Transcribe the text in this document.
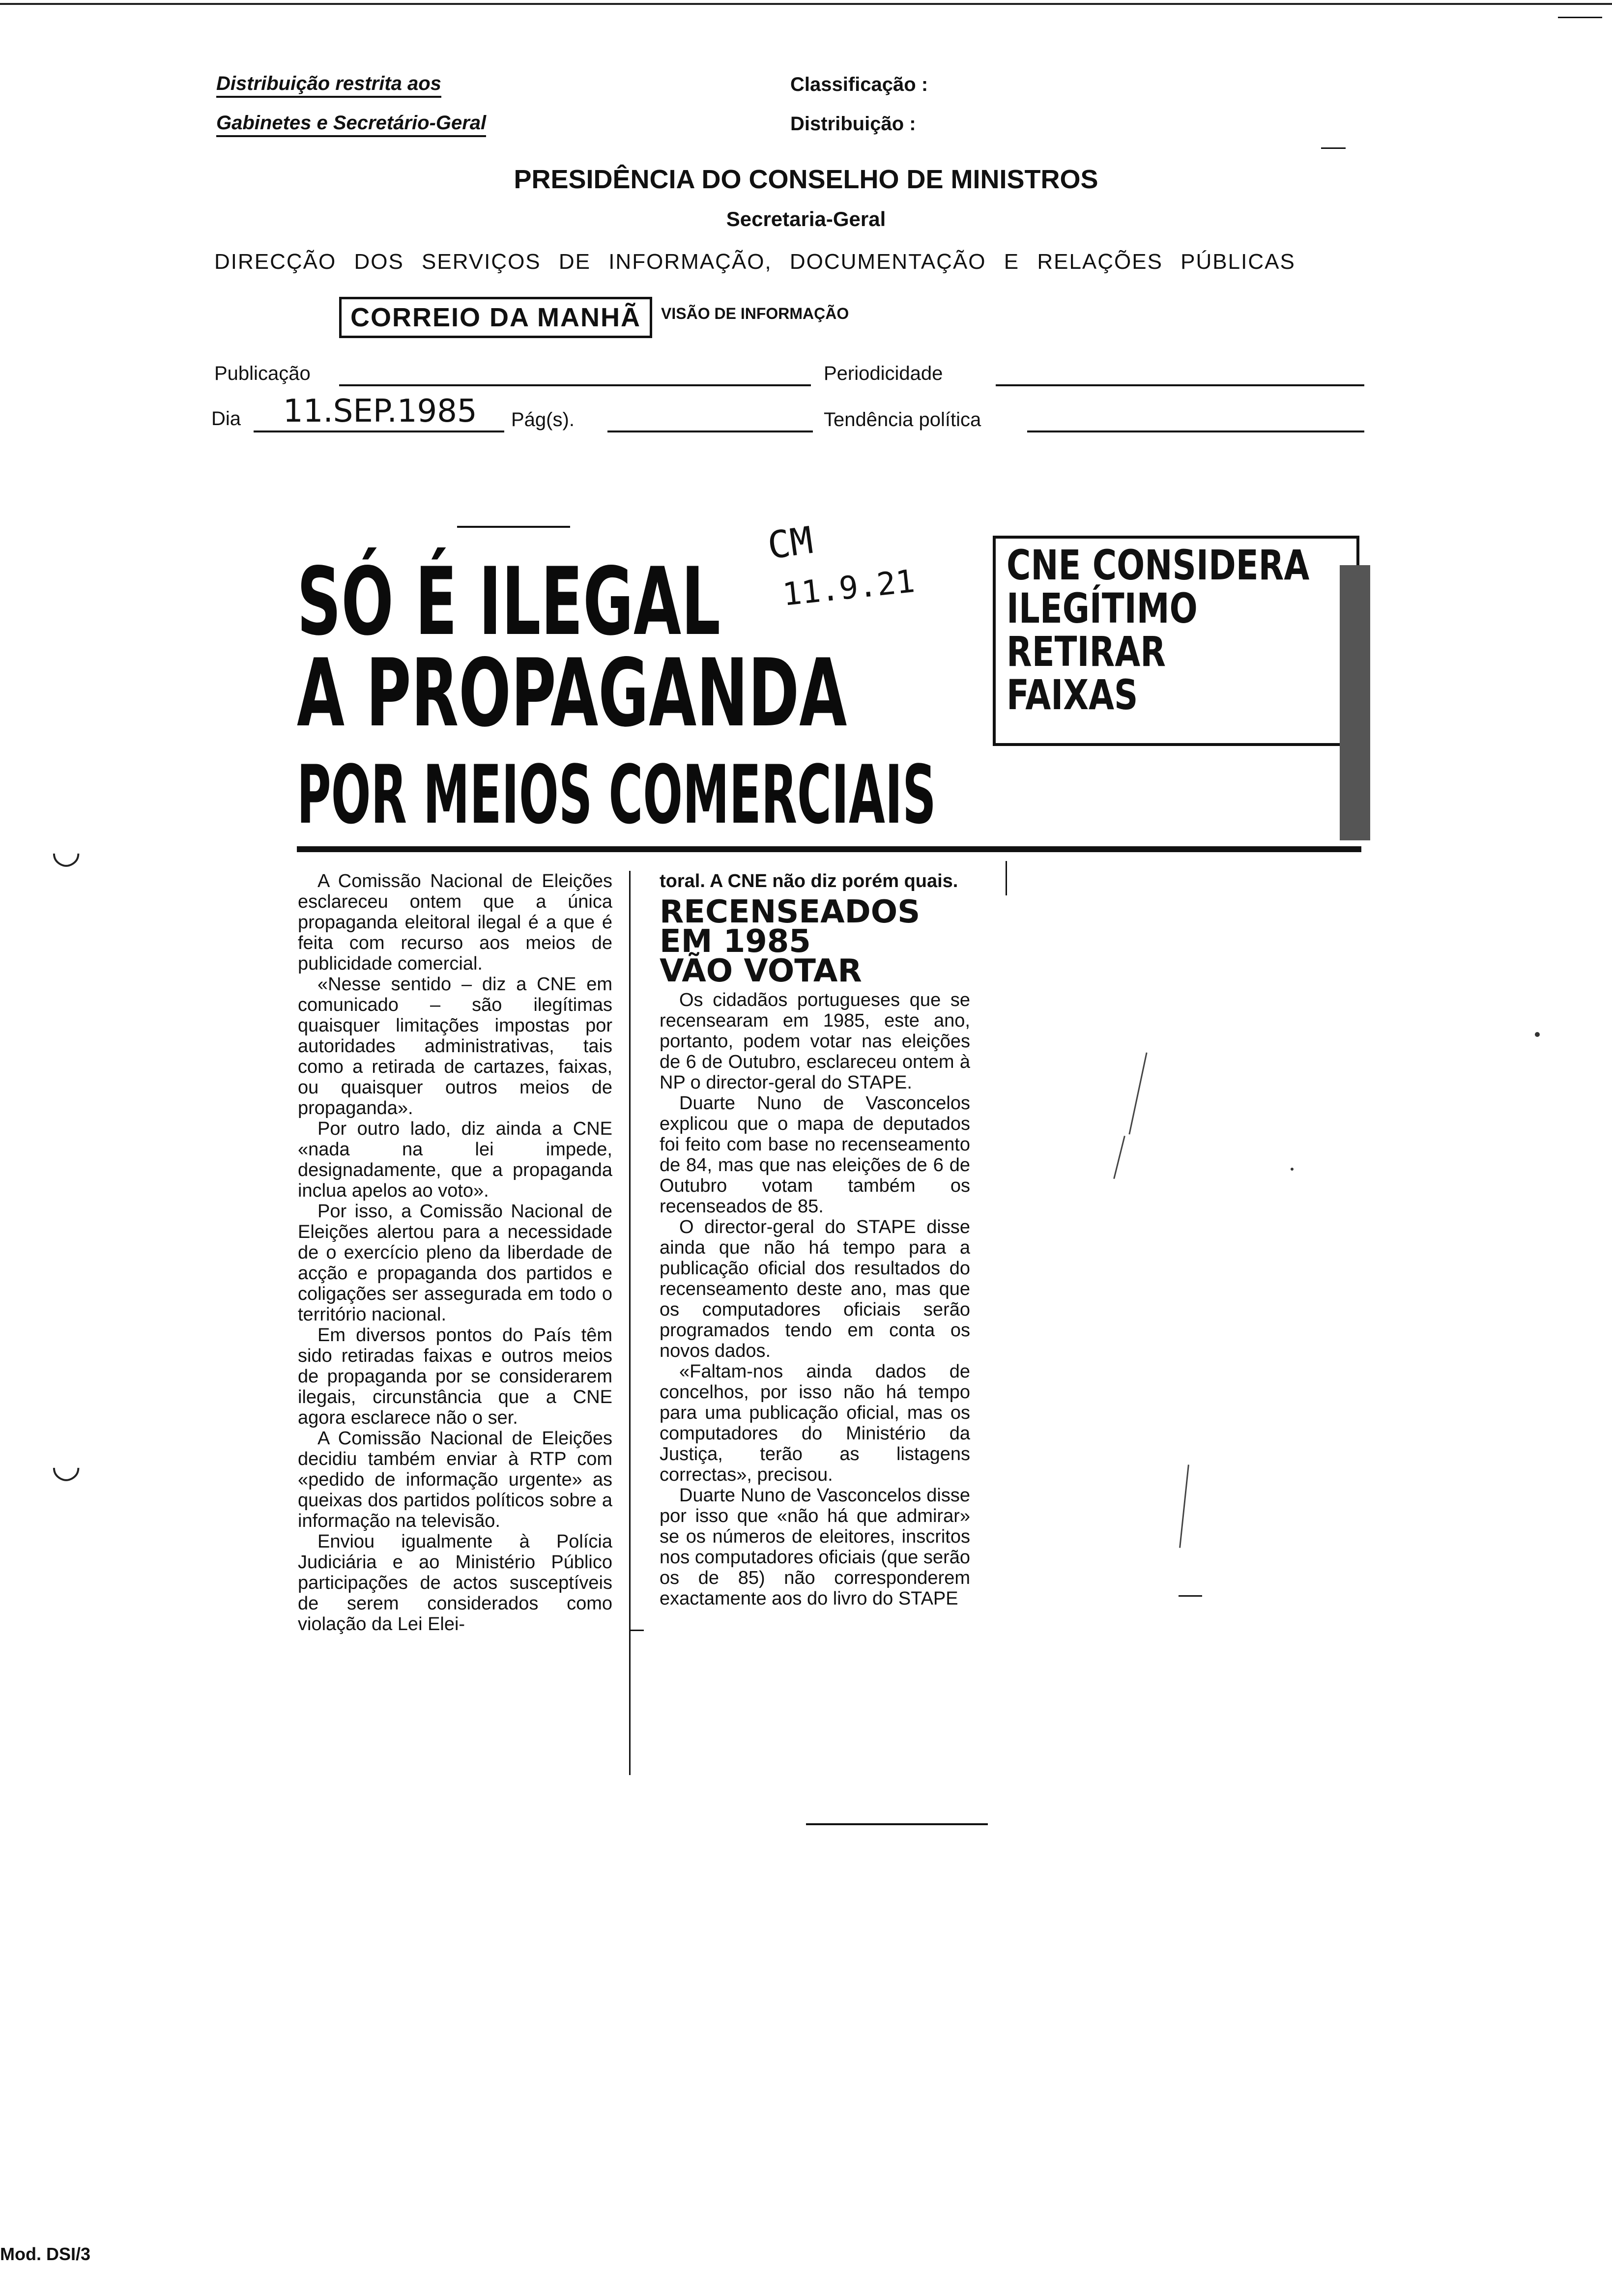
Distribuição restrita aos
Gabinetes e Secretário-Geral
Classificação :
Distribuição :
PRESIDÊNCIA DO CONSELHO DE MINISTROS
Secretaria-Geral
DIRECÇÃO DOS SERVIÇOS DE INFORMAÇÃO, DOCUMENTAÇÃO E RELAÇÕES PÚBLICAS
CORREIO DA MANHÃ	VISÃO DE INFORMAÇÃO
Publicação	Periodicidade
Dia 11.SEP.1985 Pág(s).	Tendência política
SÓ É ILEGAL
A PROPAGANDA
POR MEIOS COMERCIAIS
CM
11.9.21 CNE CONSIDERA
ILEGÍTIMO
RETIRAR
FAIXAS

A Comissão Nacional de Eleições esclareceu ontem que a única propaganda eleitoral ilegal é a que é feita com recurso aos meios de publicidade comercial.

«Nesse sentido – diz a CNE em comunicado – são ilegítimas quaisquer limitações impostas por autoridades administrativas, tais como a retirada de cartazes, faixas, ou quaisquer outros meios de propaganda».

Por outro lado, diz ainda a CNE «nada na lei impede, designadamente, que a propaganda inclua apelos ao voto».

Por isso, a Comissão Nacional de Eleições alertou para a necessidade de o exercício pleno da liberdade de acção e propaganda dos partidos e coligações ser assegurada em todo o território nacional.

Em diversos pontos do País têm sido retiradas faixas e outros meios de propaganda por se considerarem ilegais, circunstância que a CNE agora esclarece não o ser.

A Comissão Nacional de Eleições decidiu também enviar à RTP com «pedido de informação urgente» as queixas dos partidos políticos sobre a informação na televisão.

Enviou igualmente à Polícia Judiciária e ao Ministério Público participações de actos susceptíveis de serem considerados como violação da Lei Elei-

toral. A CNE não diz porém quais.
RECENSEADOS
EM 1985
VÃO VOTAR

Os cidadãos portugueses que se recensearam em 1985, este ano, portanto, podem votar nas eleições de 6 de Outubro, esclareceu ontem à NP o director-geral do STAPE.

Duarte Nuno de Vasconcelos explicou que o mapa de deputados foi feito com base no recenseamento de 84, mas que nas eleições de 6 de Outubro votam também os recenseados de 85.

O director-geral do STAPE disse ainda que não há tempo para a publicação oficial dos resultados do recenseamento deste ano, mas que os computadores oficiais serão programados tendo em conta os novos dados.

«Faltam-nos ainda dados de concelhos, por isso não há tempo para uma publicação oficial, mas os computadores do Ministério da Justiça, terão as listagens correctas», precisou.

Duarte Nuno de Vasconcelos disse por isso que «não há que admirar» se os números de eleitores, inscritos nos computadores oficiais (que serão os de 85) não corresponderem exactamente aos do livro do STAPE

◡
◡
Mod. DSI/3
